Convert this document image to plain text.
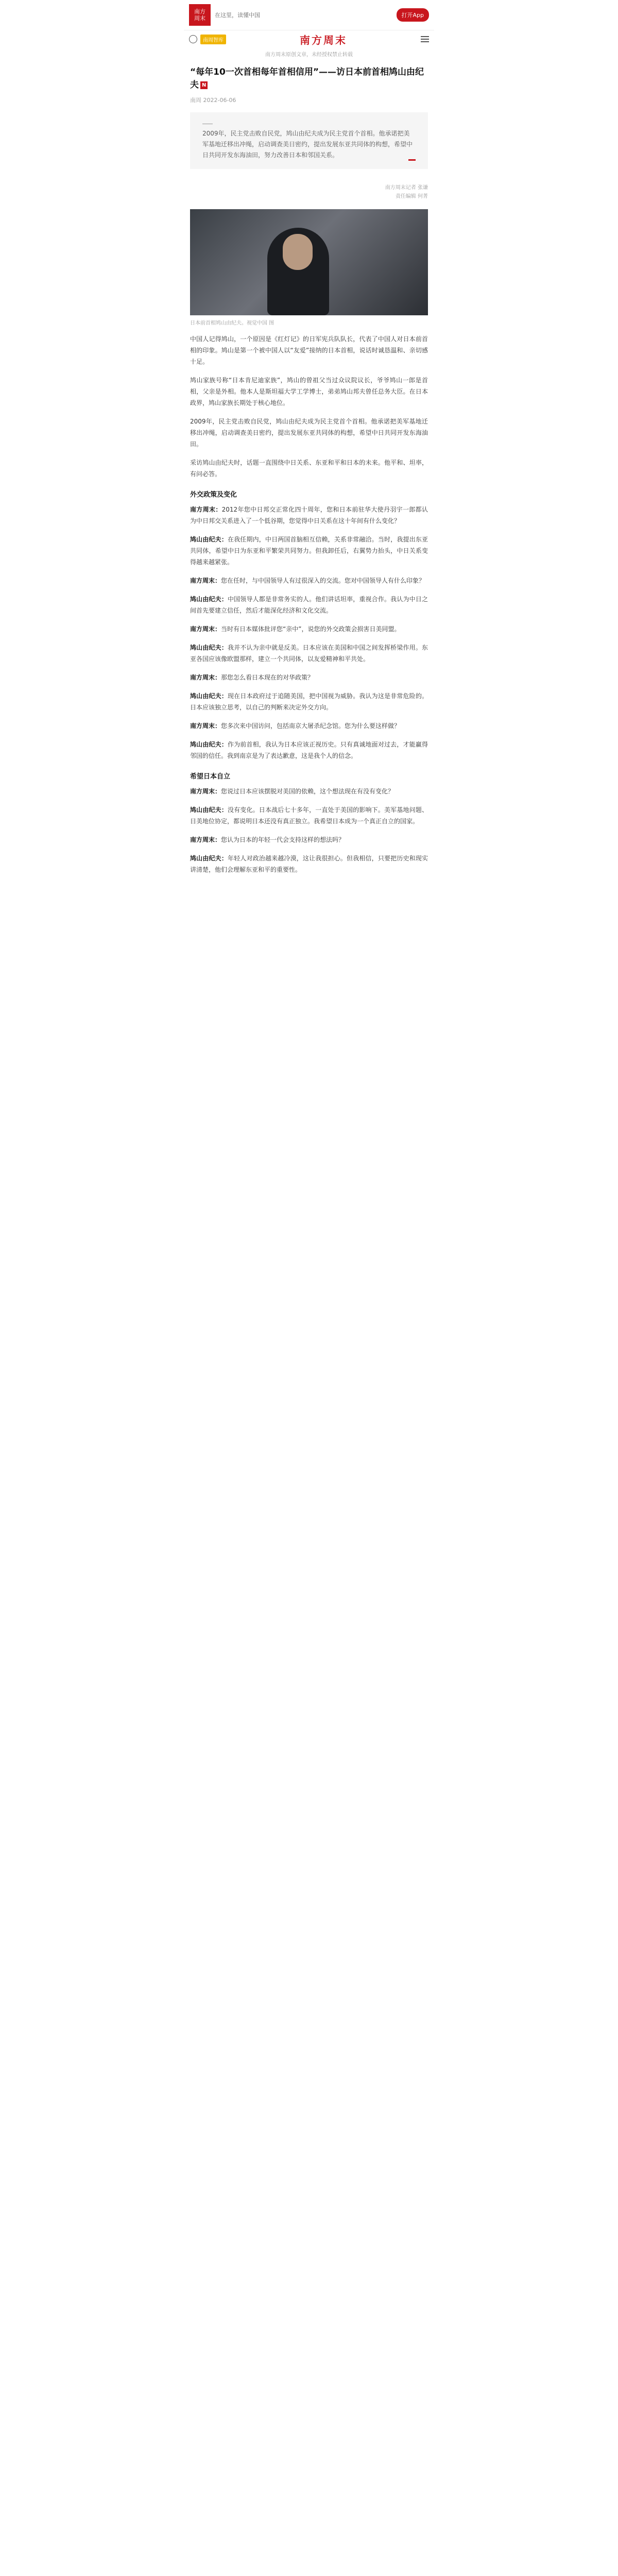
南方
周末 在这里，读懂中国	打开App
南周智库	南方周末
南方周末原创文章，未经授权禁止转载
“每年10一次首相每年首相信用”——访日本前首相鸠山由纪夫 N
南周 2022-06-06
2009年，民主党击败自民党，鸠山由纪夫成为民主党首个首相。他承诺把美军基地迁移出冲绳，启动调查美日密约，提出发展东亚共同体的构想，希望中日共同开发东海油田，努力改善日本和邻国关系。
南方周末记者 张谦
责任编辑 何菁
日本前首相鸠山由纪夫。视觉中国 图

中国人记得鸠山，一个原因是《红灯记》的日军宪兵队队长，代表了中国人对日本前首相的印象。鸠山是第一个被中国人以“友爱”接纳的日本首相，说话时诚恳温和、亲切感十足。

鸠山家族号称“日本肯尼迪家族”，鸠山的曾祖父当过众议院议长，爷爷鸠山一郎是首相，父亲是外相。他本人是斯坦福大学工学博士，弟弟鸠山邦夫曾任总务大臣。在日本政界，鸠山家族长期处于核心地位。

2009年，民主党击败自民党，鸠山由纪夫成为民主党首个首相。他承诺把美军基地迁移出冲绳，启动调查美日密约，提出发展东亚共同体的构想，希望中日共同开发东海油田。

采访鸠山由纪夫时，话题一直围绕中日关系、东亚和平和日本的未来。他平和、坦率，有问必答。

外交政策及变化

南方周末：2012年您中日邦交正常化四十周年，您和日本前驻华大使丹羽宇一郎都认为中日邦交关系进入了一个低谷期，您觉得中日关系在这十年间有什么变化？

鸠山由纪夫：在我任期内，中日两国首脑相互信赖，关系非常融洽。当时，我提出东亚共同体，希望中日为东亚和平繁荣共同努力。但我卸任后，右翼势力抬头，中日关系变得越来越紧张。

南方周末：您在任时，与中国领导人有过很深入的交流。您对中国领导人有什么印象？

鸠山由纪夫：中国领导人都是非常务实的人。他们讲话坦率，重视合作。我认为中日之间首先要建立信任，然后才能深化经济和文化交流。

南方周末：当时有日本媒体批评您“亲中”，说您的外交政策会损害日美同盟。

鸠山由纪夫：我并不认为亲中就是反美。日本应该在美国和中国之间发挥桥梁作用。东亚各国应该像欧盟那样，建立一个共同体，以友爱精神和平共处。

南方周末：那您怎么看日本现在的对华政策？

鸠山由纪夫：现在日本政府过于追随美国，把中国视为威胁。我认为这是非常危险的。日本应该独立思考，以自己的判断来决定外交方向。

南方周末：您多次来中国访问，包括南京大屠杀纪念馆。您为什么要这样做？

鸠山由纪夫：作为前首相，我认为日本应该正视历史。只有真诚地面对过去，才能赢得邻国的信任。我到南京是为了表达歉意，这是我个人的信念。

希望日本自立

南方周末：您说过日本应该摆脱对美国的依赖，这个想法现在有没有变化？

鸠山由纪夫：没有变化。日本战后七十多年，一直处于美国的影响下。美军基地问题、日美地位协定，都说明日本还没有真正独立。我希望日本成为一个真正自立的国家。

南方周末：您认为日本的年轻一代会支持这样的想法吗？

鸠山由纪夫：年轻人对政治越来越冷漠，这让我很担心。但我相信，只要把历史和现实讲清楚，他们会理解东亚和平的重要性。
